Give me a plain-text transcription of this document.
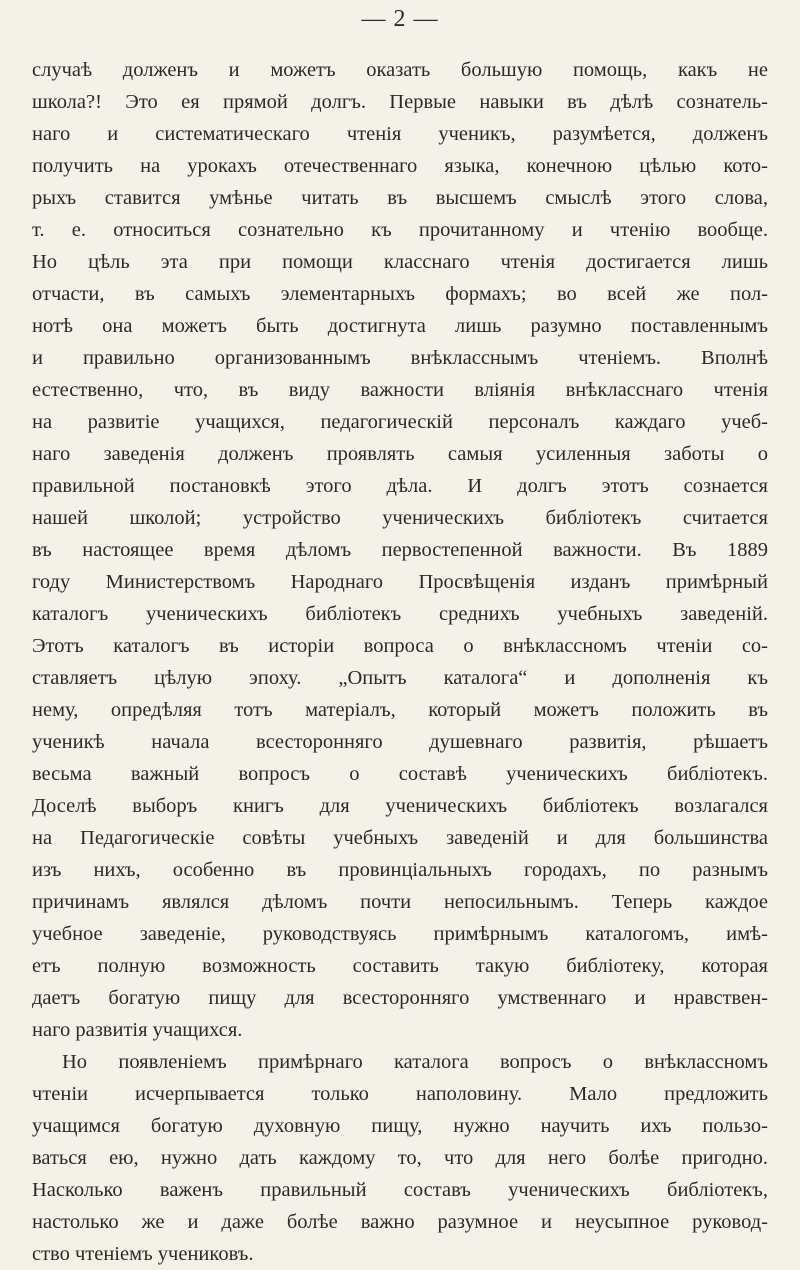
— 2 —
случаѣ долженъ и можетъ оказать большую помощь, какъ не
школа?! Это ея прямой долгъ. Первые навыки въ дѣлѣ сознатель-
наго и систематическаго чтенія ученикъ, разумѣется, долженъ
получить на урокахъ отечественнаго языка, конечною цѣлью кото-
рыхъ ставится умѣнье читать въ высшемъ смыслѣ этого слова,
т. е. относиться сознательно къ прочитанному и чтенію вообще.
Но цѣль эта при помощи класснаго чтенія достигается лишь
отчасти, въ самыхъ элементарныхъ формахъ; во всей же пол-
нотѣ она можетъ быть достигнута лишь разумно поставленнымъ
и правильно организованнымъ внѣкласснымъ чтеніемъ. Вполнѣ
естественно, что, въ виду важности вліянія внѣкласснаго чтенія
на развитіе учащихся, педагогическій персоналъ каждаго учеб-
наго заведенія долженъ проявлять самыя усиленныя заботы о
правильной постановкѣ этого дѣла. И долгъ этотъ сознается
нашей школой; устройство ученическихъ библіотекъ считается
въ настоящее время дѣломъ первостепенной важности. Въ 1889
году Министерствомъ Народнаго Просвѣщенія изданъ примѣрный
каталогъ ученическихъ библіотекъ среднихъ учебныхъ заведеній.
Этотъ каталогъ въ исторіи вопроса о внѣклассномъ чтеніи со-
ставляетъ цѣлую эпоху. „Опытъ каталога“ и дополненія къ
нему, опредѣляя тотъ матеріалъ, который можетъ положить въ
ученикѣ начала всесторонняго душевнаго развитія, рѣшаетъ
весьма важный вопросъ о составѣ ученическихъ библіотекъ.
Доселѣ выборъ книгъ для ученическихъ библіотекъ возлагался
на Педагогическіе совѣты учебныхъ заведеній и для большинства
изъ нихъ, особенно въ провинціальныхъ городахъ, по разнымъ
причинамъ являлся дѣломъ почти непосильнымъ. Теперь каждое
учебное заведеніе, руководствуясь примѣрнымъ каталогомъ, имѣ-
етъ полную возможность составить такую библіотеку, которая
даетъ богатую пищу для всесторонняго умственнаго и нравствен-
наго развитія учащихся.
Но появленіемъ примѣрнаго каталога вопросъ о внѣклассномъ
чтеніи исчерпывается только наполовину. Мало предложить
учащимся богатую духовную пищу, нужно научить ихъ пользо-
ваться ею, нужно дать каждому то, что для него болѣе пригодно.
Насколько важенъ правильный составъ ученическихъ библіотекъ,
настолько же и даже болѣе важно разумное и неусыпное руковод-
ство чтеніемъ учениковъ.
